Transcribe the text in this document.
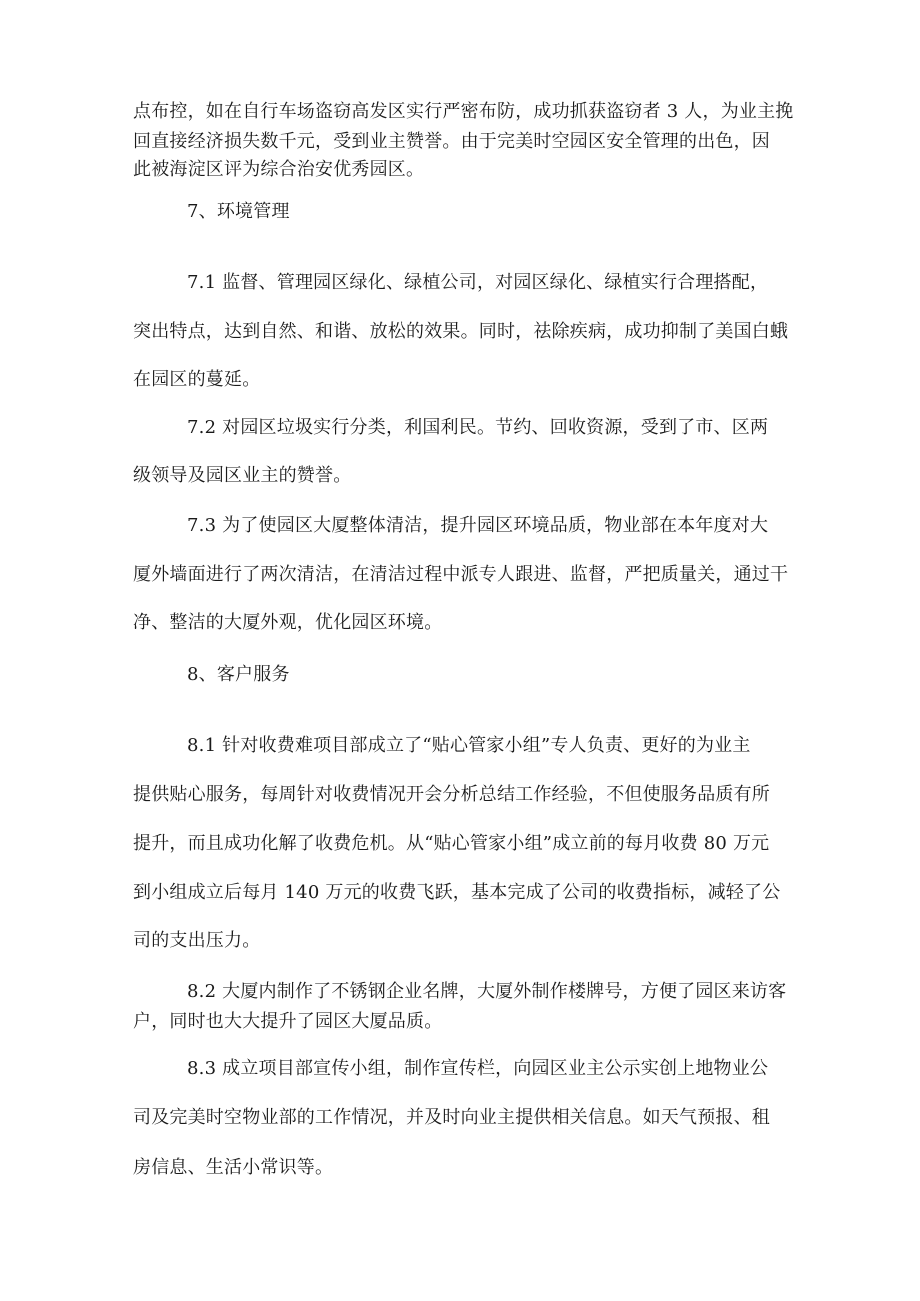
点布控，如在自行车场盗窃高发区实行严密布防，成功抓获盗窃者 3 人，为业主挽
回直接经济损失数千元，受到业主赞誉。由于完美时空园区安全管理的出色，因
此被海淀区评为综合治安优秀园区。
7、环境管理
7.1 监督、管理园区绿化、绿植公司，对园区绿化、绿植实行合理搭配，
突出特点，达到自然、和谐、放松的效果。同时，祛除疾病，成功抑制了美国白蛾
在园区的蔓延。
7.2 对园区垃圾实行分类，利国利民。节约、回收资源，受到了市、区两
级领导及园区业主的赞誉。
7.3 为了使园区大厦整体清洁，提升园区环境品质，物业部在本年度对大
厦外墙面进行了两次清洁，在清洁过程中派专人跟进、监督，严把质量关，通过干
净、整洁的大厦外观，优化园区环境。
8、客户服务
8.1 针对收费难项目部成立了“贴心管家小组”专人负责、更好的为业主
提供贴心服务，每周针对收费情况开会分析总结工作经验，不但使服务品质有所
提升，而且成功化解了收费危机。从“贴心管家小组”成立前的每月收费 80 万元
到小组成立后每月 140 万元的收费飞跃，基本完成了公司的收费指标，减轻了公
司的支出压力。
8.2 大厦内制作了不锈钢企业名牌，大厦外制作楼牌号，方便了园区来访客
户，同时也大大提升了园区大厦品质。
8.3 成立项目部宣传小组，制作宣传栏，向园区业主公示实创上地物业公
司及完美时空物业部的工作情况，并及时向业主提供相关信息。如天气预报、租
房信息、生活小常识等。
